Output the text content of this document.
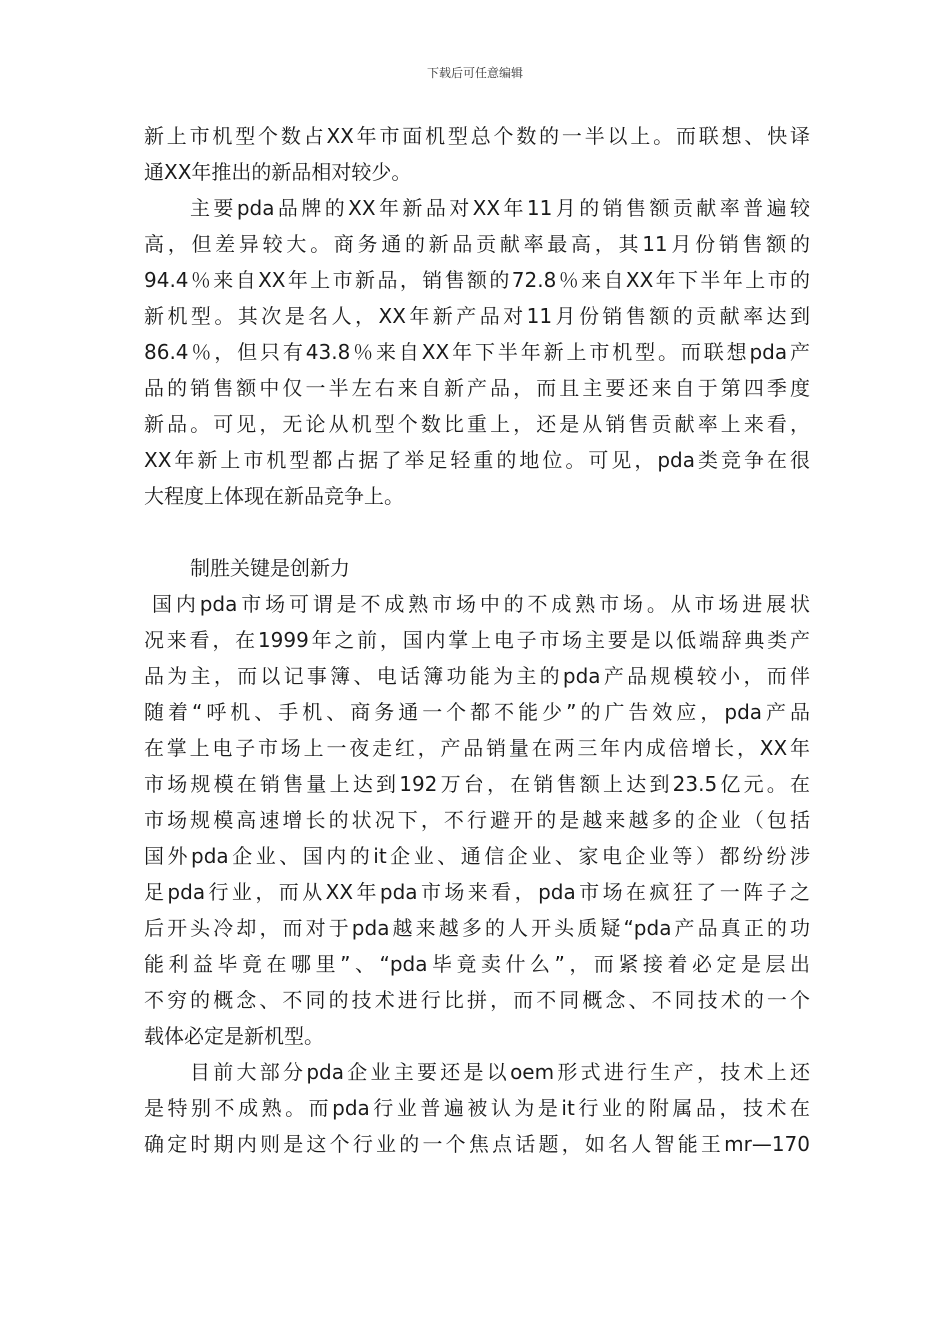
下载后可任意编辑
新上市机型个数占XX年市面机型总个数的一半以上。而联想、快译
通XX年推出的新品相对较少。
主要pda品牌的XX年新品对XX年11月的销售额贡献率普遍较
高，但差异较大。商务通的新品贡献率最高，其11月份销售额的
94.4％来自XX年上市新品，销售额的72.8％来自XX年下半年上市的
新机型。其次是名人，XX年新产品对11月份销售额的贡献率达到
86.4％，但只有43.8％来自XX年下半年新上市机型。而联想pda产
品的销售额中仅一半左右来自新产品，而且主要还来自于第四季度
新品。可见，无论从机型个数比重上，还是从销售贡献率上来看，
XX年新上市机型都占据了举足轻重的地位。可见，pda类竞争在很
大程度上体现在新品竞争上。
制胜关键是创新力
国内pda市场可谓是不成熟市场中的不成熟市场。从市场进展状
况来看，在1999年之前，国内掌上电子市场主要是以低端辞典类产
品为主，而以记事簿、电话簿功能为主的pda产品规模较小，而伴
随着“呼机、手机、商务通一个都不能少”的广告效应，pda产品
在掌上电子市场上一夜走红，产品销量在两三年内成倍增长，XX年
市场规模在销售量上达到192万台，在销售额上达到23.5亿元。在
市场规模高速增长的状况下，不行避开的是越来越多的企业（包括
国外pda企业、国内的it企业、通信企业、家电企业等）都纷纷涉
足pda行业，而从XX年pda市场来看，pda市场在疯狂了一阵子之
后开头冷却，而对于pda越来越多的人开头质疑“pda产品真正的功
能利益毕竟在哪里”、“pda毕竟卖什么”，而紧接着必定是层出
不穷的概念、不同的技术进行比拼，而不同概念、不同技术的一个
载体必定是新机型。
目前大部分pda企业主要还是以oem形式进行生产，技术上还
是特别不成熟。而pda行业普遍被认为是it行业的附属品，技术在
确定时期内则是这个行业的一个焦点话题，如名人智能王mr—170
